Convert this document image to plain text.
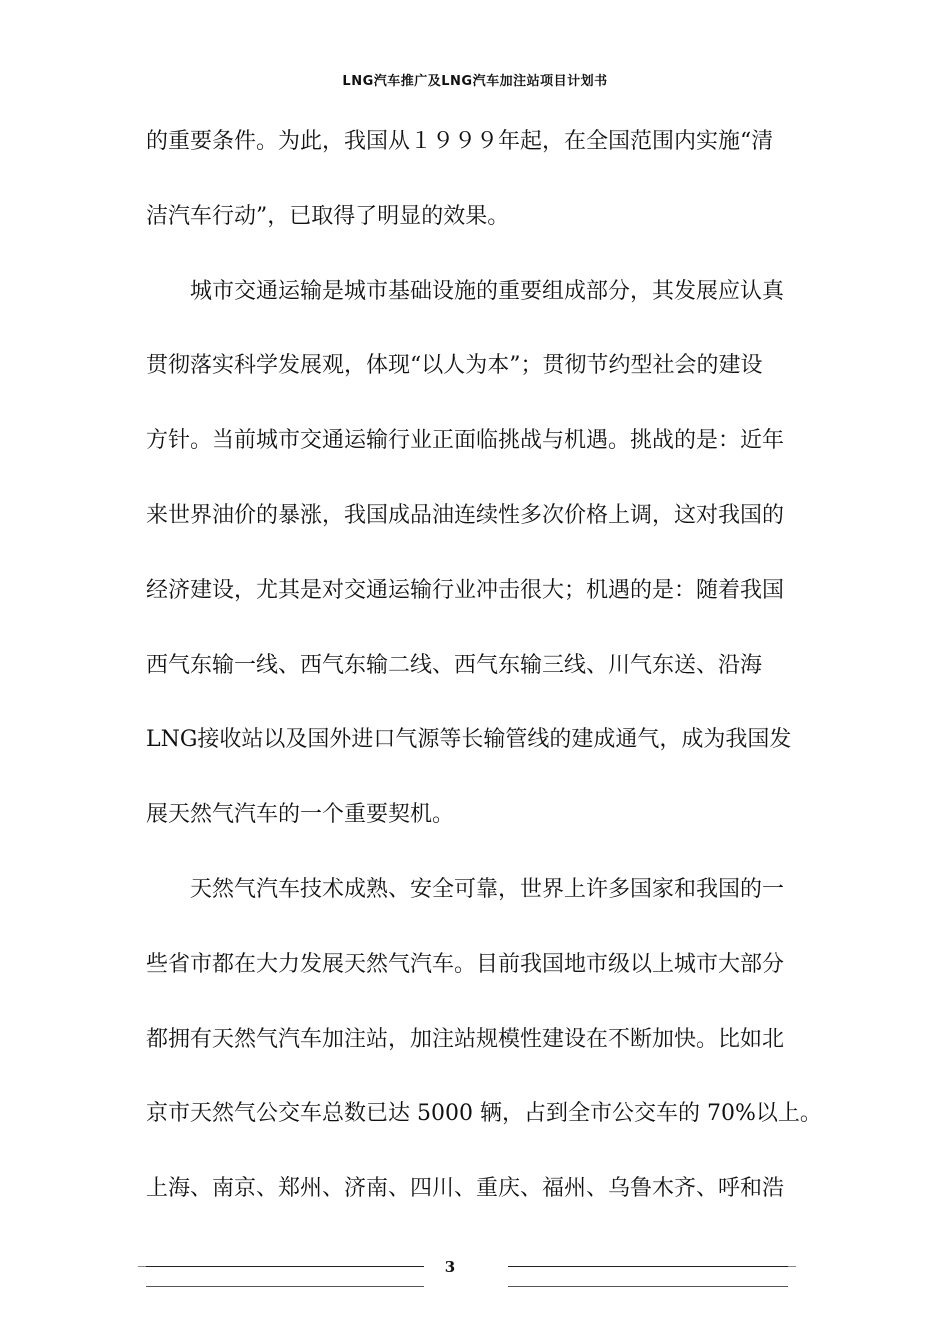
LNG汽车推广及LNG汽车加注站项目计划书
的重要条件。为此，我国从１９９９年起，在全国范围内实施“清
洁汽车行动”，已取得了明显的效果。
城市交通运输是城市基础设施的重要组成部分，其发展应认真
贯彻落实科学发展观，体现“以人为本”；贯彻节约型社会的建设
方针。当前城市交通运输行业正面临挑战与机遇。挑战的是：近年
来世界油价的暴涨，我国成品油连续性多次价格上调，这对我国的
经济建设，尤其是对交通运输行业冲击很大；机遇的是：随着我国
西气东输一线、西气东输二线、西气东输三线、川气东送、沿海
LNG接收站以及国外进口气源等长输管线的建成通气，成为我国发
展天然气汽车的一个重要契机。
天然气汽车技术成熟、安全可靠，世界上许多国家和我国的一
些省市都在大力发展天然气汽车。目前我国地市级以上城市大部分
都拥有天然气汽车加注站，加注站规模性建设在不断加快。比如北
京市天然气公交车总数已达 5000 辆，占到全市公交车的 70%以上。
上海、南京、郑州、济南、四川、重庆、福州、乌鲁木齐、呼和浩
3
